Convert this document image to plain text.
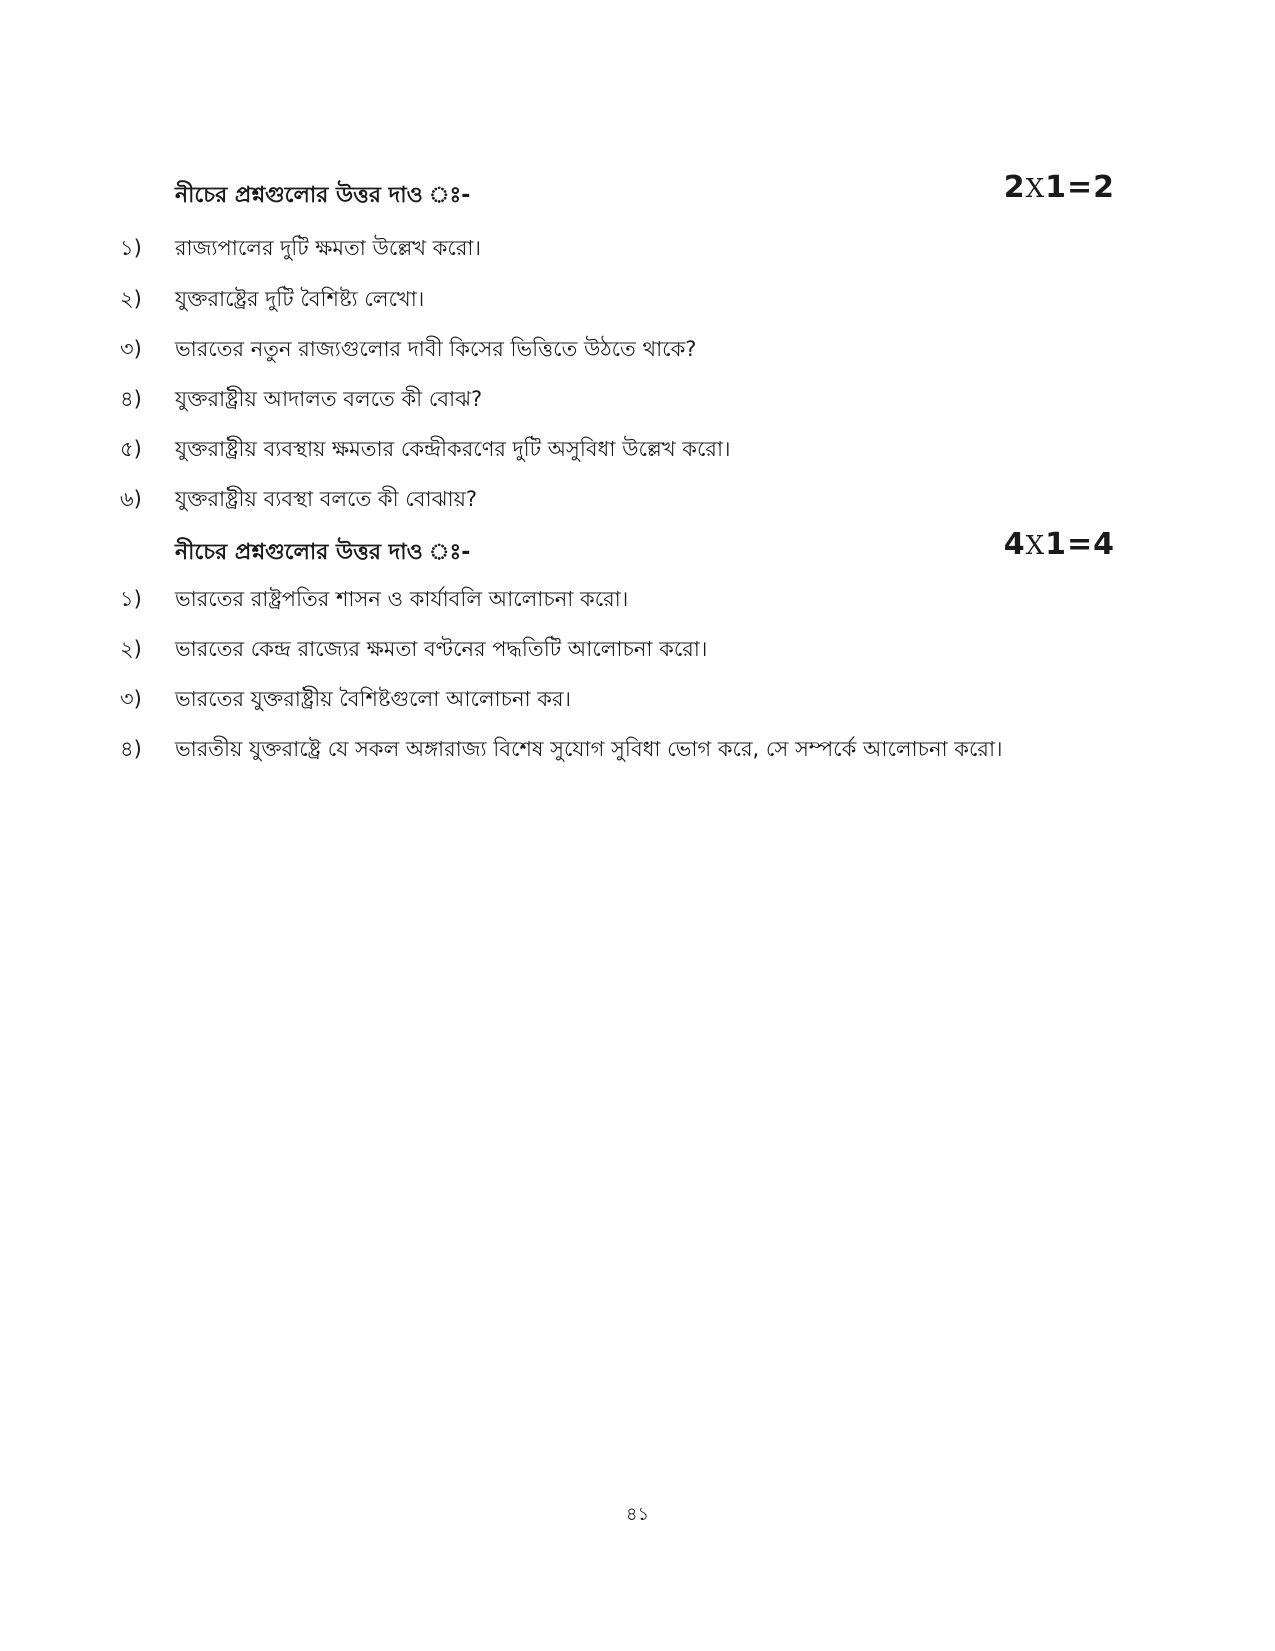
নীচের প্রশ্নগুলোর উত্তর দাও ঃ-	2X1=2
১)	রাজ্যপালের দুটি ক্ষমতা উল্লেখ করো।
২)	যুক্তরাষ্ট্রের দুটি বৈশিষ্ট্য লেখো।
৩)	ভারতের নতুন রাজ্যগুলোর দাবী কিসের ভিত্তিতে উঠতে থাকে?
৪)	যুক্তরাষ্ট্রীয় আদালত বলতে কী বোঝ?
৫)	যুক্তরাষ্ট্রীয় ব্যবস্থায় ক্ষমতার কেন্দ্রীকরণের দুটি অসুবিধা উল্লেখ করো।
৬)	যুক্তরাষ্ট্রীয় ব্যবস্থা বলতে কী বোঝায়?
নীচের প্রশ্নগুলোর উত্তর দাও ঃ-	4X1=4
১)	ভারতের রাষ্ট্রপতির শাসন ও কার্যাবলি আলোচনা করো।
২)	ভারতের কেন্দ্র রাজ্যের ক্ষমতা বণ্টনের পদ্ধতিটি আলোচনা করো।
৩)	ভারতের যুক্তরাষ্ট্রীয় বৈশিষ্টগুলো আলোচনা কর।
৪)	ভারতীয় যুক্তরাষ্ট্রে যে সকল অঙ্গারাজ্য বিশেষ সুযোগ সুবিধা ভোগ করে, সে সম্পর্কে আলোচনা করো।
৪১
